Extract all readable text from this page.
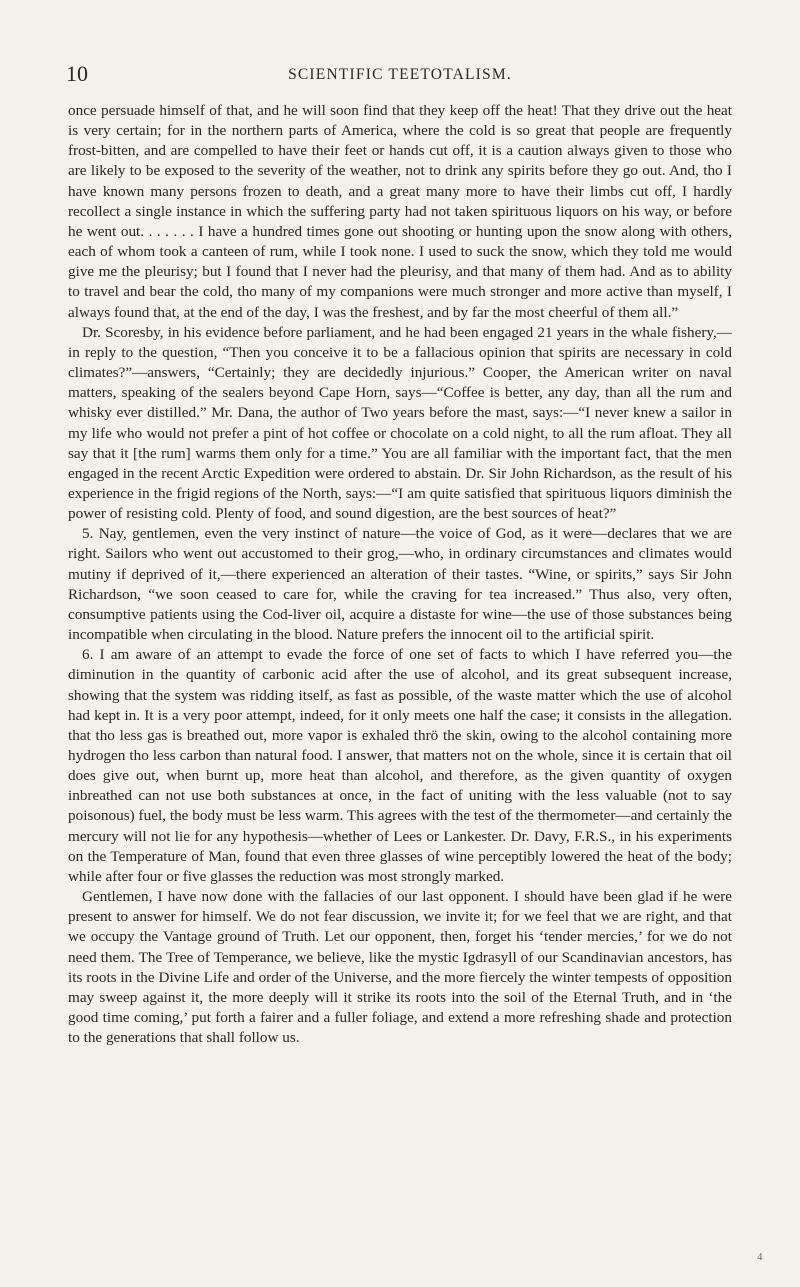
10	SCIENTIFIC TEETOTALISM.

once persuade himself of that, and he will soon find that they keep off the heat! That they drive out the heat is very certain; for in the northern parts of America, where the cold is so great that people are frequently frost-bitten, and are compelled to have their feet or hands cut off, it is a caution always given to those who are likely to be exposed to the severity of the weather, not to drink any spirits before they go out. And, tho I have known many persons frozen to death, and a great many more to have their limbs cut off, I hardly recollect a single instance in which the suffering party had not taken spirituous liquors on his way, or before he went out. . . . . . . I have a hundred times gone out shooting or hunting upon the snow along with others, each of whom took a canteen of rum, while I took none. I used to suck the snow, which they told me would give me the pleurisy; but I found that I never had the pleurisy, and that many of them had. And as to ability to travel and bear the cold, tho many of my companions were much stronger and more active than myself, I always found that, at the end of the day, I was the freshest, and by far the most cheerful of them all.”

Dr. Scoresby, in his evidence before parliament, and he had been engaged 21 years in the whale fishery,—in reply to the question, “Then you conceive it to be a fallacious opinion that spirits are necessary in cold climates?”—answers, “Certainly; they are decidedly injurious.” Cooper, the American writer on naval matters, speaking of the sealers beyond Cape Horn, says—“Coffee is better, any day, than all the rum and whisky ever distilled.” Mr. Dana, the author of Two years before the mast, says:—“I never knew a sailor in my life who would not prefer a pint of hot coffee or chocolate on a cold night, to all the rum afloat. They all say that it [the rum] warms them only for a time.” You are all familiar with the important fact, that the men engaged in the recent Arctic Expedition were ordered to abstain. Dr. Sir John Richardson, as the result of his experience in the frigid regions of the North, says:—“I am quite satisfied that spirituous liquors diminish the power of resisting cold. Plenty of food, and sound digestion, are the best sources of heat?”

5. Nay, gentlemen, even the very instinct of nature—the voice of God, as it were—declares that we are right. Sailors who went out accustomed to their grog,—who, in ordinary circumstances and climates would mutiny if deprived of it,—there experienced an alteration of their tastes. “Wine, or spirits,” says Sir John Richardson, “we soon ceased to care for, while the craving for tea increased.” Thus also, very often, consumptive patients using the Cod-liver oil, acquire a distaste for wine—the use of those substances being incompatible when circulating in the blood. Nature prefers the innocent oil to the artificial spirit.

6. I am aware of an attempt to evade the force of one set of facts to which I have referred you—the diminution in the quantity of carbonic acid after the use of alcohol, and its great subsequent increase, showing that the system was ridding itself, as fast as possible, of the waste matter which the use of alcohol had kept in. It is a very poor attempt, indeed, for it only meets one half the case; it consists in the allegation. that tho less gas is breathed out, more vapor is exhaled thrö the skin, owing to the alcohol containing more hydrogen tho less carbon than natural food. I answer, that matters not on the whole, since it is certain that oil does give out, when burnt up, more heat than alcohol, and therefore, as the given quantity of oxygen inbreathed can not use both substances at once, in the fact of uniting with the less valuable (not to say poisonous) fuel, the body must be less warm. This agrees with the test of the thermometer—and certainly the mercury will not lie for any hypothesis—whether of Lees or Lankester. Dr. Davy, F.R.S., in his experiments on the Temperature of Man, found that even three glasses of wine perceptibly lowered the heat of the body; while after four or five glasses the reduction was most strongly marked.

Gentlemen, I have now done with the fallacies of our last opponent. I should have been glad if he were present to answer for himself. We do not fear discussion, we invite it; for we feel that we are right, and that we occupy the Vantage ground of Truth. Let our opponent, then, forget his ‘tender mercies,’ for we do not need them. The Tree of Temperance, we believe, like the mystic Igdrasyll of our Scandinavian ancestors, has its roots in the Divine Life and order of the Universe, and the more fiercely the winter tempests of opposition may sweep against it, the more deeply will it strike its roots into the soil of the Eternal Truth, and in ‘the good time coming,’ put forth a fairer and a fuller foliage, and extend a more refreshing shade and protection to the generations that shall follow us.

4
